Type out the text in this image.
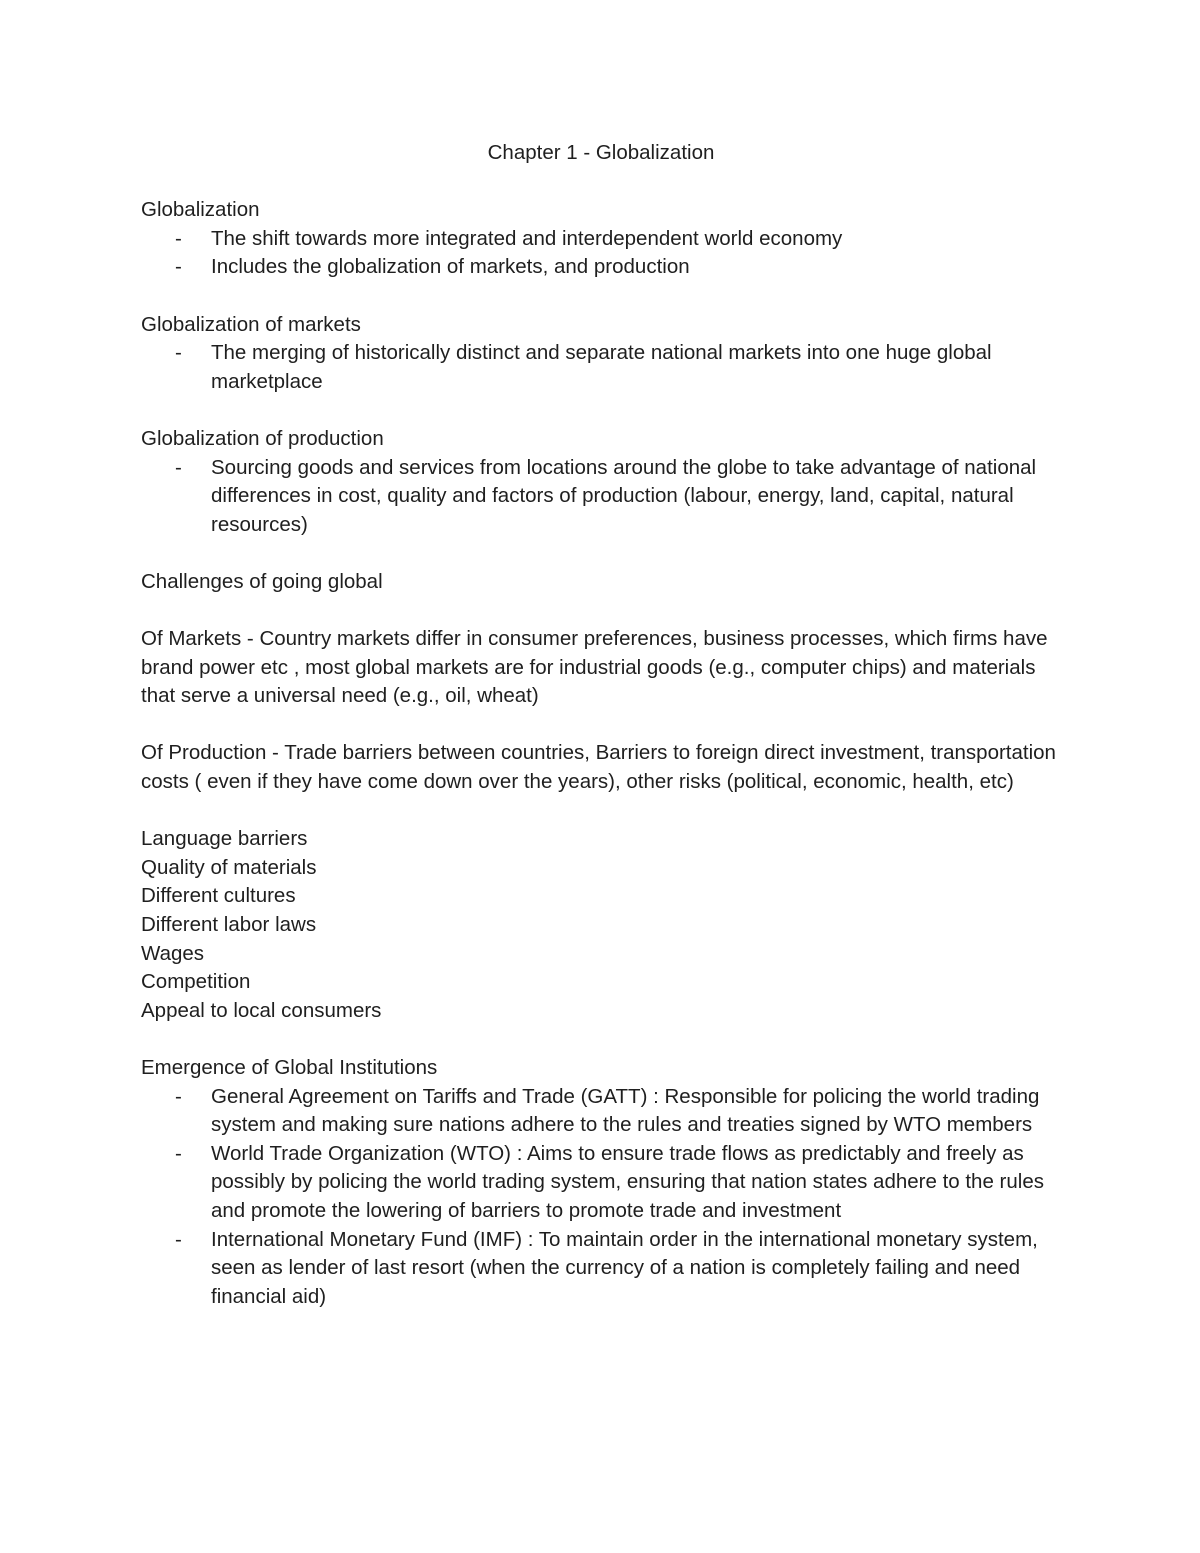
Chapter 1 - Globalization

Globalization

- The shift towards more integrated and interdependent world economy
- Includes the globalization of markets, and production

Globalization of markets

- The merging of historically distinct and separate national markets into one huge global marketplace

Globalization of production

- Sourcing goods and services from locations around the globe to take advantage of national differences in cost, quality and factors of production (labour, energy, land, capital, natural resources)

Challenges of going global

Of Markets - Country markets differ in consumer preferences, business processes, which firms have brand power etc , most global markets are for industrial goods (e.g., computer chips) and materials that serve a universal need (e.g., oil, wheat)

Of Production - Trade barriers between countries, Barriers to foreign direct investment, transportation costs ( even if they have come down over the years), other risks (political, economic, health, etc)

Language barriers

Quality of materials

Different cultures

Different labor laws

Wages

Competition

Appeal to local consumers

Emergence of Global Institutions

- General Agreement on Tariffs and Trade (GATT) : Responsible for policing the world trading system and making sure nations adhere to the rules and treaties signed by WTO members
- World Trade Organization (WTO) : Aims to ensure trade flows as predictably and freely as possibly by policing the world trading system, ensuring that nation states adhere to the rules and promote the lowering of barriers to promote trade and investment
- International Monetary Fund (IMF) : To maintain order in the international monetary system, seen as lender of last resort (when the currency of a nation is completely failing and need financial aid)
